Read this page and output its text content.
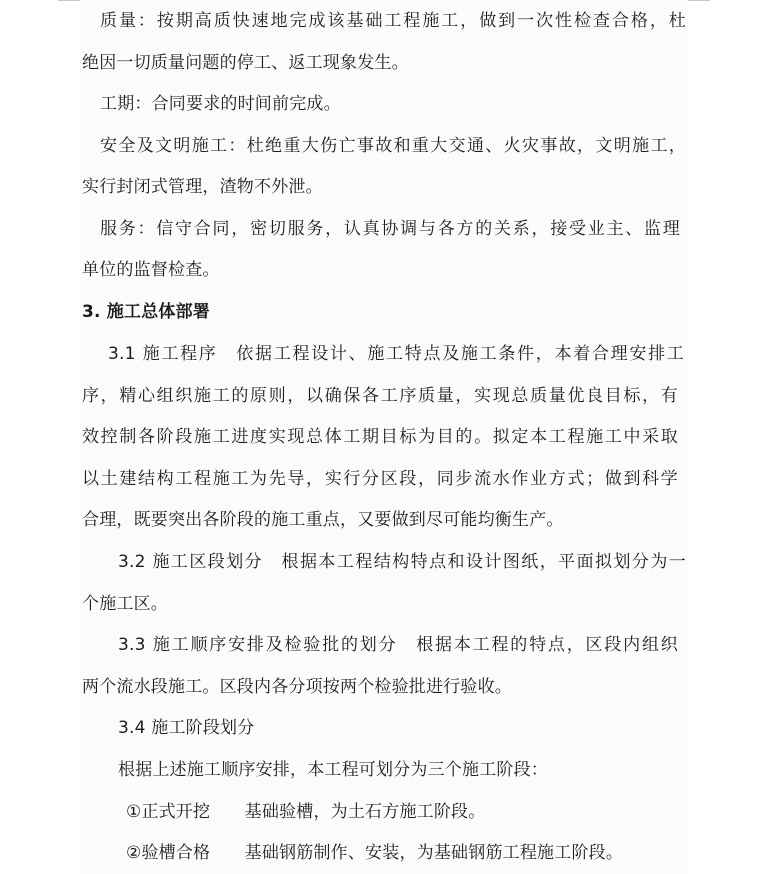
质量：按期高质快速地完成该基础工程施工，做到一次性检查合格，杜
绝因一切质量问题的停工、返工现象发生。
工期：合同要求的时间前完成。
安全及文明施工：杜绝重大伤亡事故和重大交通、火灾事故，文明施工，
实行封闭式管理，渣物不外泄。
服务：信守合同，密切服务，认真协调与各方的关系，接受业主、监理
单位的监督检查。
3. 施工总体部署
3.1 施工程序　依据工程设计、施工特点及施工条件，本着合理安排工
序，精心组织施工的原则，以确保各工序质量，实现总质量优良目标，有
效控制各阶段施工进度实现总体工期目标为目的。拟定本工程施工中采取
以土建结构工程施工为先导，实行分区段，同步流水作业方式；做到科学
合理，既要突出各阶段的施工重点，又要做到尽可能均衡生产。
3.2 施工区段划分　根据本工程结构特点和设计图纸，平面拟划分为一
个施工区。
3.3 施工顺序安排及检验批的划分　根据本工程的特点，区段内组织
两个流水段施工。区段内各分项按两个检验批进行验收。
3.4 施工阶段划分
根据上述施工顺序安排，本工程可划分为三个施工阶段：
①正式开挖　　基础验槽，为土石方施工阶段。
②验槽合格　　基础钢筋制作、安装，为基础钢筋工程施工阶段。
